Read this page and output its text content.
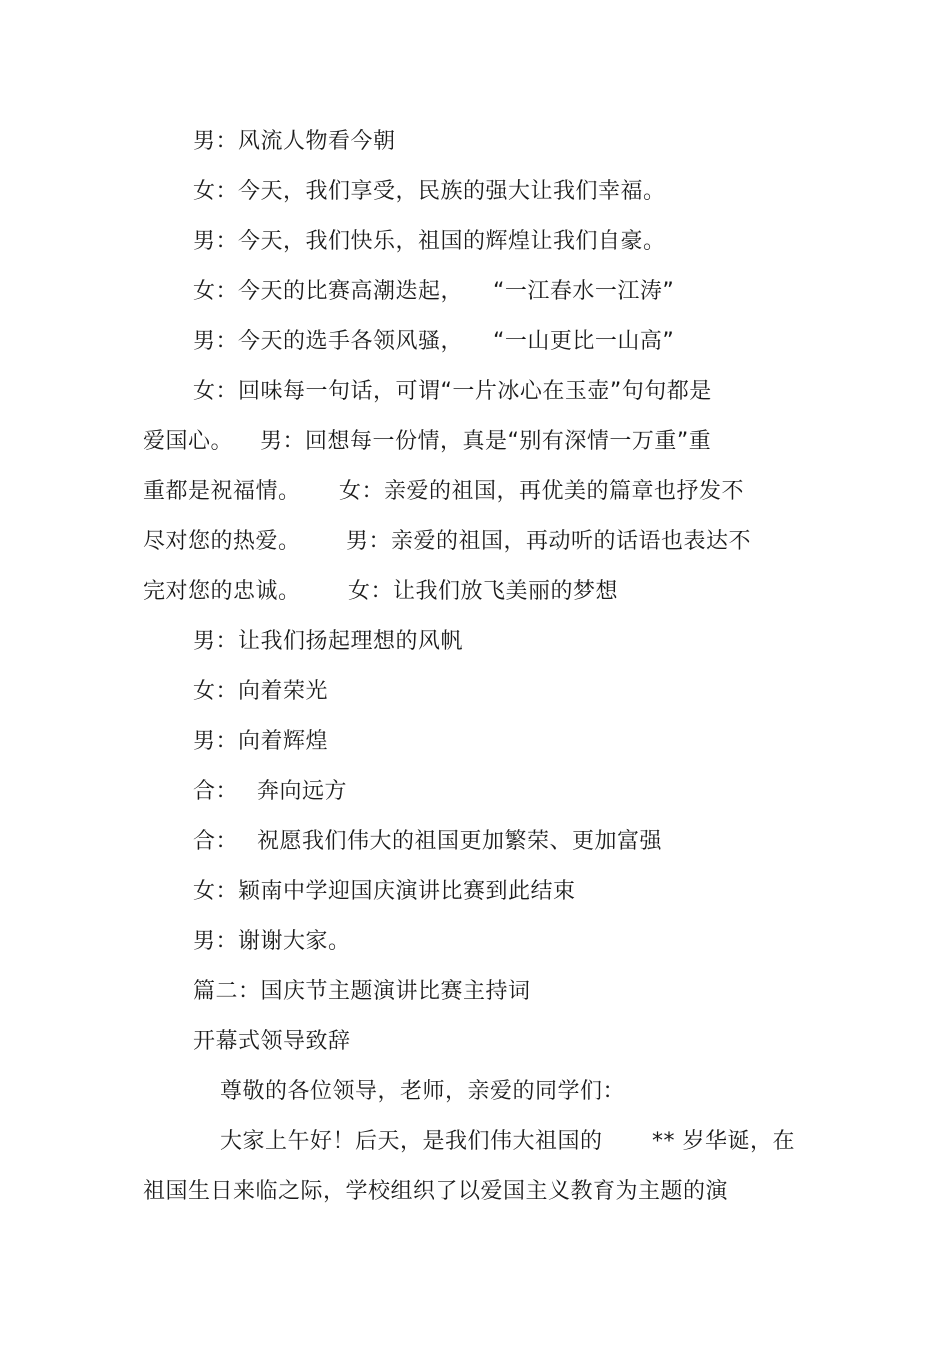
男：风流人物看今朝

女：今天，我们享受，民族的强大让我们幸福。

男：今天，我们快乐，祖国的辉煌让我们自豪。

女：今天的比赛高潮迭起，

“一江春水一江涛”

男：今天的选手各领风骚，

“一山更比一山高”

女：回味每一句话，可谓“一片冰心在玉壶”句句都是

爱国心。

男：回想每一份情，真是“别有深情一万重”重

重都是祝福情。

女：亲爱的祖国，再优美的篇章也抒发不

尽对您的热爱。

男：亲爱的祖国，再动听的话语也表达不

完对您的忠诚。

女：让我们放飞美丽的梦想

男：让我们扬起理想的风帆

女：向着荣光

男：向着辉煌

合：

奔向远方

合：

祝愿我们伟大的祖国更加繁荣、更加富强

女：颖南中学迎国庆演讲比赛到此结束

男：谢谢大家。

篇二：国庆节主题演讲比赛主持词

开幕式领导致辞

尊敬的各位领导，老师，亲爱的同学们：

大家上午好！后天，是我们伟大祖国的

** 岁华诞，在

祖国生日来临之际，学校组织了以爱国主义教育为主题的演
